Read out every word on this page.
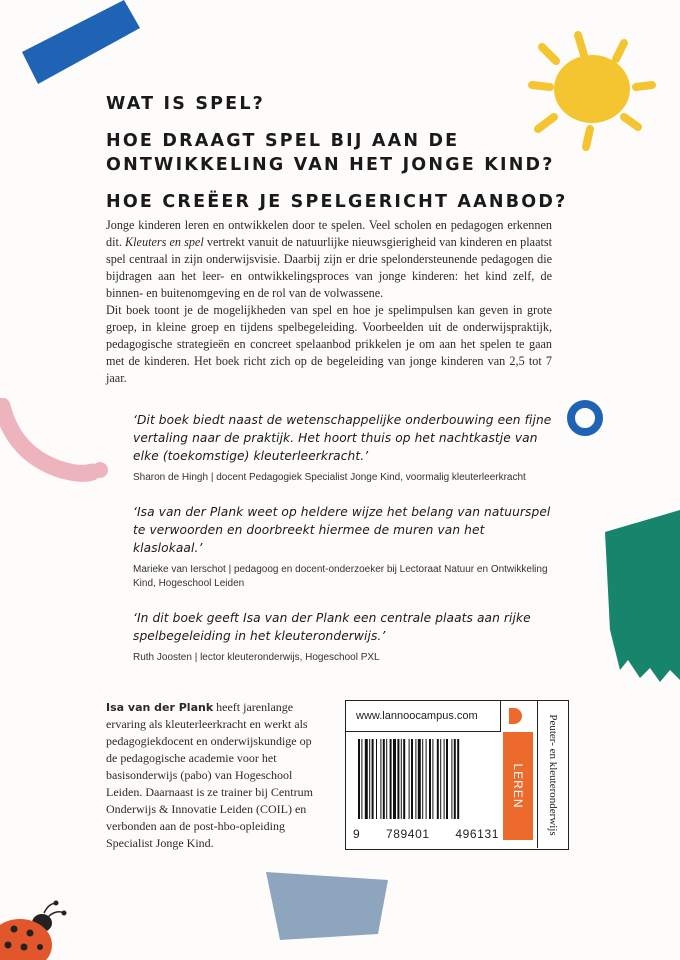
WAT IS SPEL?
HOE DRAAGT SPEL BIJ AAN DE ONTWIKKELING VAN HET JONGE KIND?
HOE CREËER JE SPELGERICHT AANBOD?

Jonge kinderen leren en ontwikkelen door te spelen. Veel scholen en pedagogen erkennen dit. Kleuters en spel vertrekt vanuit de natuurlijke nieuwsgierigheid van kinderen en plaatst spel centraal in zijn onderwijsvisie. Daarbij zijn er drie spelondersteunende pedagogen die bijdragen aan het leer- en ontwikkelingsproces van jonge kinderen: het kind zelf, de binnen- en buitenomgeving en de rol van de volwassene.

Dit boek toont je de mogelijkheden van spel en hoe je spelimpulsen kan geven in grote groep, in kleine groep en tijdens spelbegeleiding. Voorbeelden uit de onderwijspraktijk, pedagogische strategieën en concreet spelaanbod prikkelen je om aan het spelen te gaan met de kinderen. Het boek richt zich op de begeleiding van jonge kinderen van 2,5 tot 7 jaar.

‘Dit boek biedt naast de wetenschappelijke onderbouwing een fijne vertaling naar de praktijk. Het hoort thuis op het nachtkastje van elke (toekomstige) kleuterleerkracht.’
Sharon de Hingh | docent Pedagogiek Specialist Jonge Kind, voormalig kleuterleerkracht
‘Isa van der Plank weet op heldere wijze het belang van natuurspel te verwoorden en doorbreekt hiermee de muren van het klaslokaal.’
Marieke van Ierschot | pedagoog en docent-onderzoeker bij Lectoraat Natuur en Ontwikkeling Kind, Hogeschool Leiden
‘In dit boek geeft Isa van der Plank een centrale plaats aan rijke spelbegeleiding in het kleuteronderwijs.’
Ruth Joosten | lector kleuteronderwijs, Hogeschool PXL
Isa van der Plank heeft jarenlange ervaring als kleuterleerkracht en werkt als pedagogiekdocent en onderwijskundige op de pedagogische academie voor het basisonderwijs (pabo) van Hogeschool Leiden. Daarnaast is ze trainer bij Centrum Onderwijs & Innovatie Leiden (COIL) en verbonden aan de post-hbo-opleiding Specialist Jonge Kind.
www.lannoocampus.com
9 789401 496131
LEREN Peuter- en kleuteronderwijs
